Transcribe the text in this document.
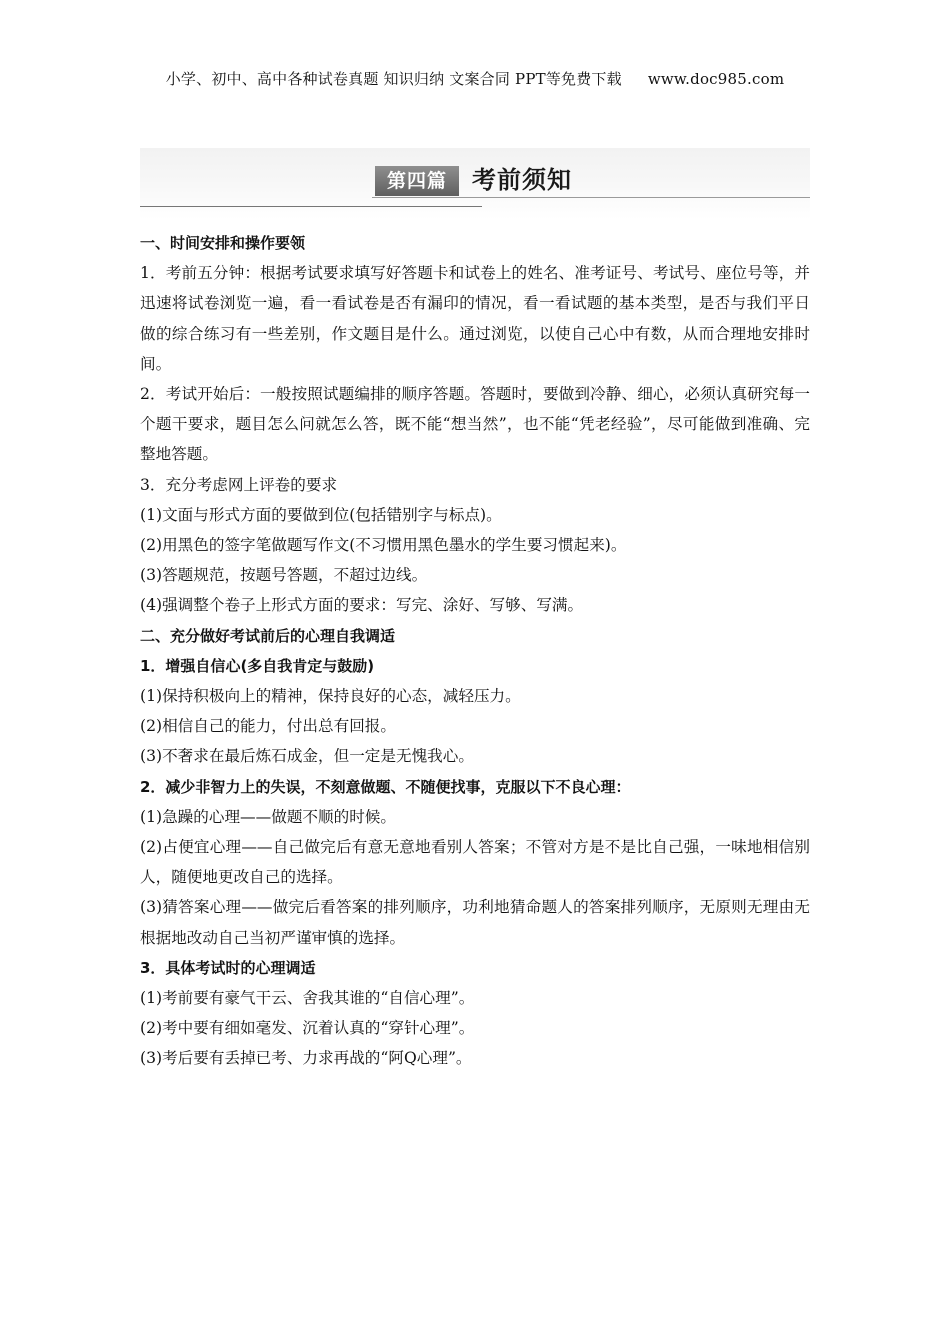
小学、初中、高中各种试卷真题 知识归纳 文案合同 PPT等免费下载 www.doc985.com
第四篇	考前须知

一、时间安排和操作要领

1．考前五分钟：根据考试要求填写好答题卡和试卷上的姓名、准考证号、考试号、座位号等，并迅速将试卷浏览一遍，看一看试卷是否有漏印的情况，看一看试题的基本类型，是否与我们平日做的综合练习有一些差别，作文题目是什么。通过浏览，以使自己心中有数，从而合理地安排时间。

2．考试开始后：一般按照试题编排的顺序答题。答题时，要做到冷静、细心，必须认真研究每一个题干要求，题目怎么问就怎么答，既不能“想当然”，也不能“凭老经验”，尽可能做到准确、完整地答题。

3．充分考虑网上评卷的要求

(1)文面与形式方面的要做到位(包括错别字与标点)。

(2)用黑色的签字笔做题写作文(不习惯用黑色墨水的学生要习惯起来)。

(3)答题规范，按题号答题，不超过边线。

(4)强调整个卷子上形式方面的要求：写完、涂好、写够、写满。

二、充分做好考试前后的心理自我调适

1．增强自信心(多自我肯定与鼓励)

(1)保持积极向上的精神，保持良好的心态，减轻压力。

(2)相信自己的能力，付出总有回报。

(3)不奢求在最后炼石成金，但一定是无愧我心。

2．减少非智力上的失误，不刻意做题、不随便找事，克服以下不良心理：

(1)急躁的心理——做题不顺的时候。

(2)占便宜心理——自己做完后有意无意地看别人答案；不管对方是不是比自己强，一味地相信别人，随便地更改自己的选择。

(3)猜答案心理——做完后看答案的排列顺序，功利地猜命题人的答案排列顺序，无原则无理由无根据地改动自己当初严谨审慎的选择。

3．具体考试时的心理调适

(1)考前要有豪气干云、舍我其谁的“自信心理”。

(2)考中要有细如毫发、沉着认真的“穿针心理”。

(3)考后要有丢掉已考、力求再战的“阿Q心理”。
